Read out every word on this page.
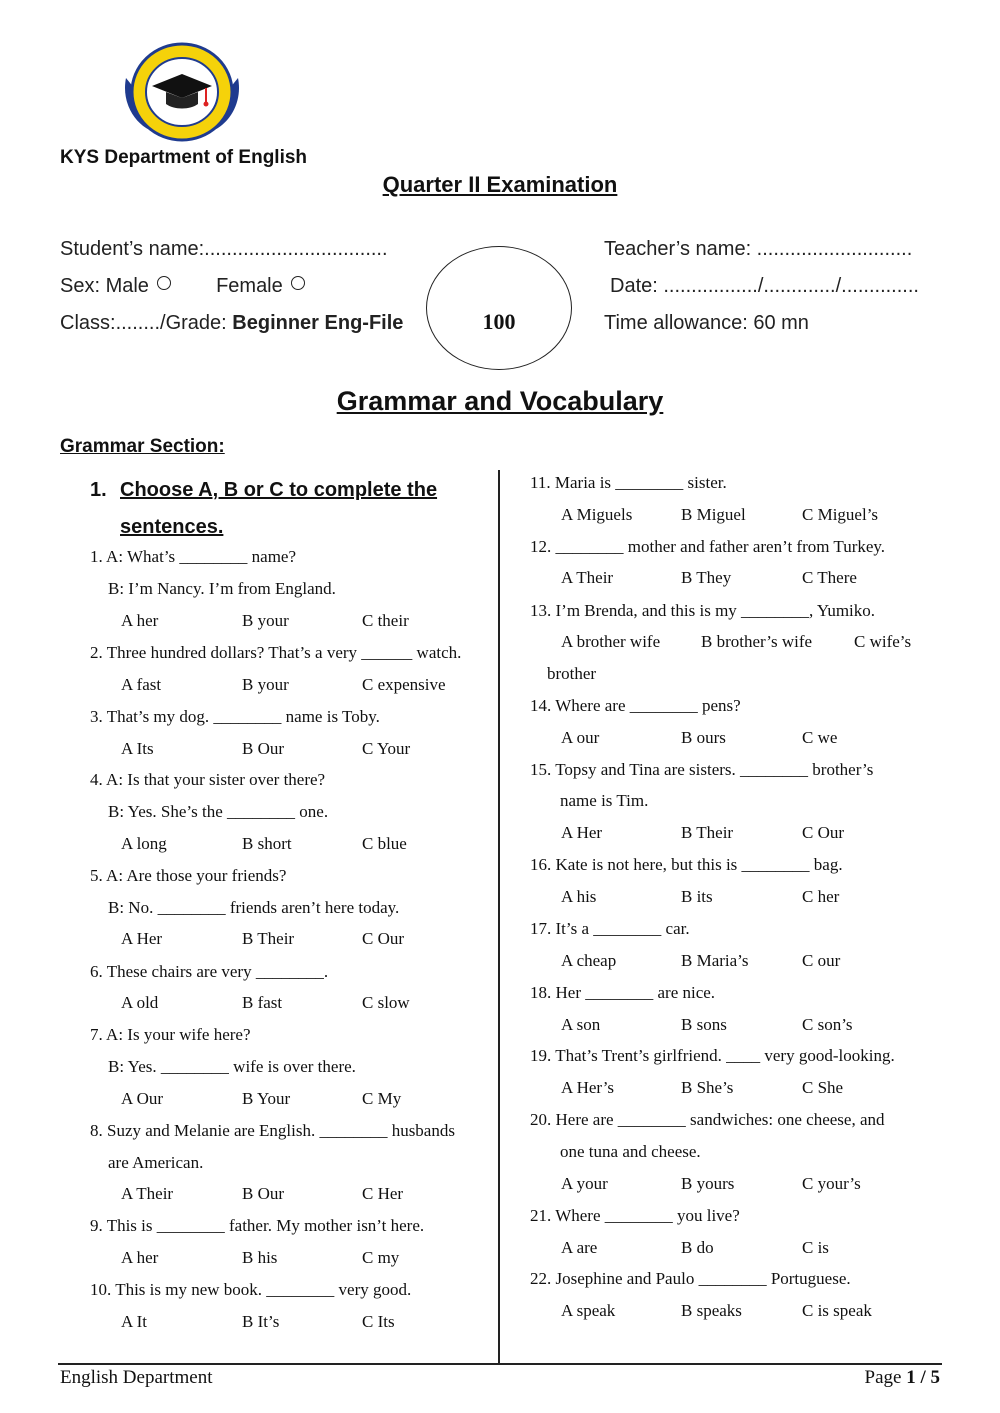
KYS Department of English
Quarter II Examination
Student’s name:.................................	Teacher’s name: ............................
Sex: Male	Female	Date: ................./............./..............
Class:......../Grade: Beginner Eng-File	Time allowance: 60 mn
100
Grammar and Vocabulary
Grammar Section:
1. Choose A, B or C to complete the
sentences.
1. A: What’s ________ name?
B: I’m Nancy. I’m from England.
A her	B your	C their
2. Three hundred dollars? That’s a very ______ watch.
A fast	B your	C expensive
3. That’s my dog. ________ name is Toby.
A Its	B Our	C Your
4. A: Is that your sister over there?
B: Yes. She’s the ________ one.
A long	B short	C blue
5. A: Are those your friends?
B: No. ________ friends aren’t here today.
A Her	B Their	C Our
6. These chairs are very ________.
A old	B fast	C slow
7. A: Is your wife here?
B: Yes. ________ wife is over there.
A Our	B Your	C My
8. Suzy and Melanie are English. ________ husbands
are American.
A Their	B Our	C Her
9. This is ________ father. My mother isn’t here.
A her	B his	C my
10. This is my new book. ________ very good.
A It	B It’s	C Its
11. Maria is ________ sister.
A Miguels	B Miguel	C Miguel’s
12. ________ mother and father aren’t from Turkey.
A Their	B They	C There
13. I’m Brenda, and this is my ________, Yumiko.
A brother wife B brother’s wife C wife’s
brother
14. Where are ________ pens?
A our	B ours	C we
15. Topsy and Tina are sisters. ________ brother’s
name is Tim.
A Her	B Their	C Our
16. Kate is not here, but this is ________ bag.
A his	B its	C her
17. It’s a ________ car.
A cheap	B Maria’s	C our
18. Her ________ are nice.
A son	B sons	C son’s
19. That’s Trent’s girlfriend. ____ very good-looking.
A Her’s	B She’s	C She
20. Here are ________ sandwiches: one cheese, and
one tuna and cheese.
A your	B yours	C your’s
21. Where ________ you live?
A are	B do	C is
22. Josephine and Paulo ________ Portuguese.
A speak	B speaks	C is speak
English Department	Page 1 / 5
